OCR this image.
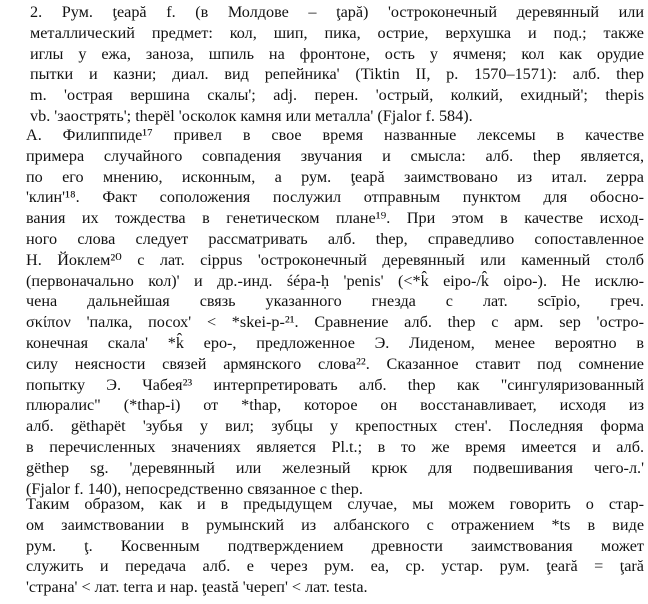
2. Рум. ţeapă f. (в Молдове – ţapă) 'остроконечный деревянный или
металлический предмет: кол, шип, пика, острие, верхушка и под.; также
иглы у ежа, заноза, шпиль на фронтоне, ость у ячменя; кол как орудие
пытки и казни; диал. вид репейника' (Tiktin II, p. 1570–1571): алб. thep
m. 'острая вершина скалы'; adj. перен. 'острый, колкий, ехидный'; thepis
vb. 'заострять'; thepël 'осколок камня или металла' (Fjalor f. 584).

А. Филиппиде¹⁷ привел в свое время названные лексемы в качестве
примера случайного совпадения звучания и смысла: алб. thep является,
по его мнению, исконным, а рум. ţeapă заимствовано из итал. zeppa
'клин'¹⁸. Факт соположения послужил отправным пунктом для обосно-
вания их тождества в генетическом плане¹⁹. При этом в качестве исход-
ного слова следует рассматривать алб. thep, справедливо сопоставленное
Н. Йоклем²⁰ с лат. cippus 'остроконечный деревянный или каменный столб
(первоначально кол)' и др.-инд. śépa-ḥ 'penis' (<*k̂ eipo-/k̂ oipo-). Не исклю-
чена дальнейшая связь указанного гнезда с лат. scīpio, греч.
σκίπον 'палка, посох' < *skei-p-²¹. Сравнение алб. thep с арм. sep 'остро-
конечная скала' *k̂ epo-, предложенное Э. Лиденом, менее вероятно в
силу неясности связей армянского слова²². Сказанное ставит под сомнение
попытку Э. Чабея²³ интерпретировать алб. thep как "сингуляризованный
плюралис" (*thap-i) от *thap, которое он восстанавливает, исходя из
алб. gëthapët 'зубья у вил; зубцы у крепостных стен'. Последняя форма
в перечисленных значениях является Pl.t.; в то же время имеется и алб.
gëthep sg. 'деревянный или железный крюк для подвешивания чего-л.'
(Fjalor f. 140), непосредственно связанное с thep.

Таким образом, как и в предыдущем случае, мы можем говорить о стар-
ом заимствовании в румынский из албанского с отражением *ts в виде
рум. ţ. Косвенным подтверждением древности заимствования может
служить и передача алб. e через рум. ea, ср. устар. рум. ţeară = ţară
'страна' < лат. terra и нар. ţeastă 'череп' < лат. testa.
